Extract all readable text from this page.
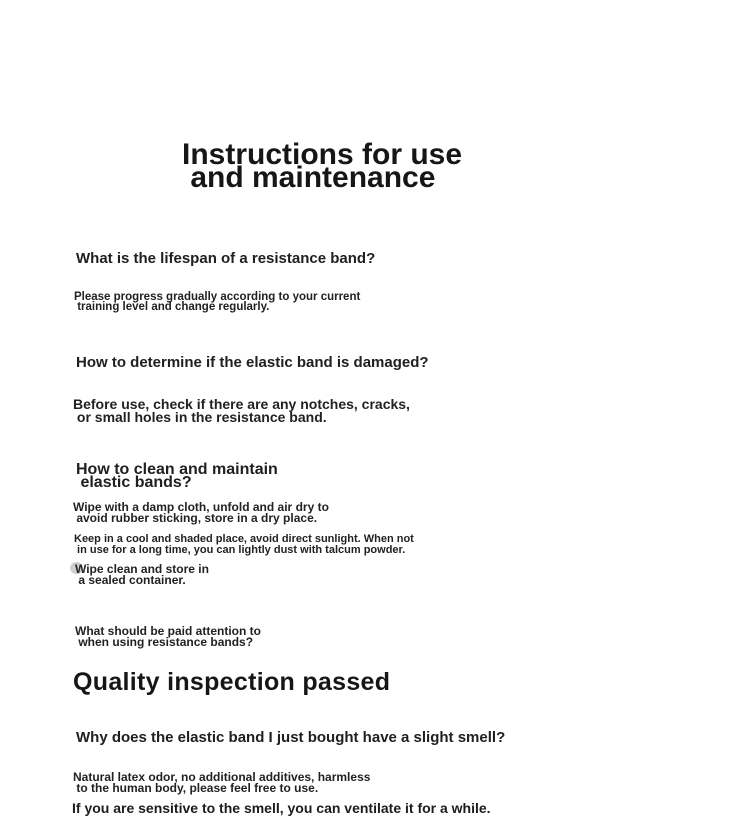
Instructions for use
and maintenance
What is the lifespan of a resistance band?
Please progress gradually according to your current
training level and change regularly.
How to determine if the elastic band is damaged?
Before use, check if there are any notches, cracks,
or small holes in the resistance band.
How to clean and maintain
elastic bands?
Wipe with a damp cloth, unfold and air dry to
avoid rubber sticking, store in a dry place.
Keep in a cool and shaded place, avoid direct sunlight. When not
in use for a long time, you can lightly dust with talcum powder.
Wipe clean and store in
a sealed container.
What should be paid attention to
when using resistance bands?
Quality inspection passed
Why does the elastic band I just bought have a slight smell?
Natural latex odor, no additional additives, harmless
to the human body, please feel free to use.
If you are sensitive to the smell, you can ventilate it for a while.
